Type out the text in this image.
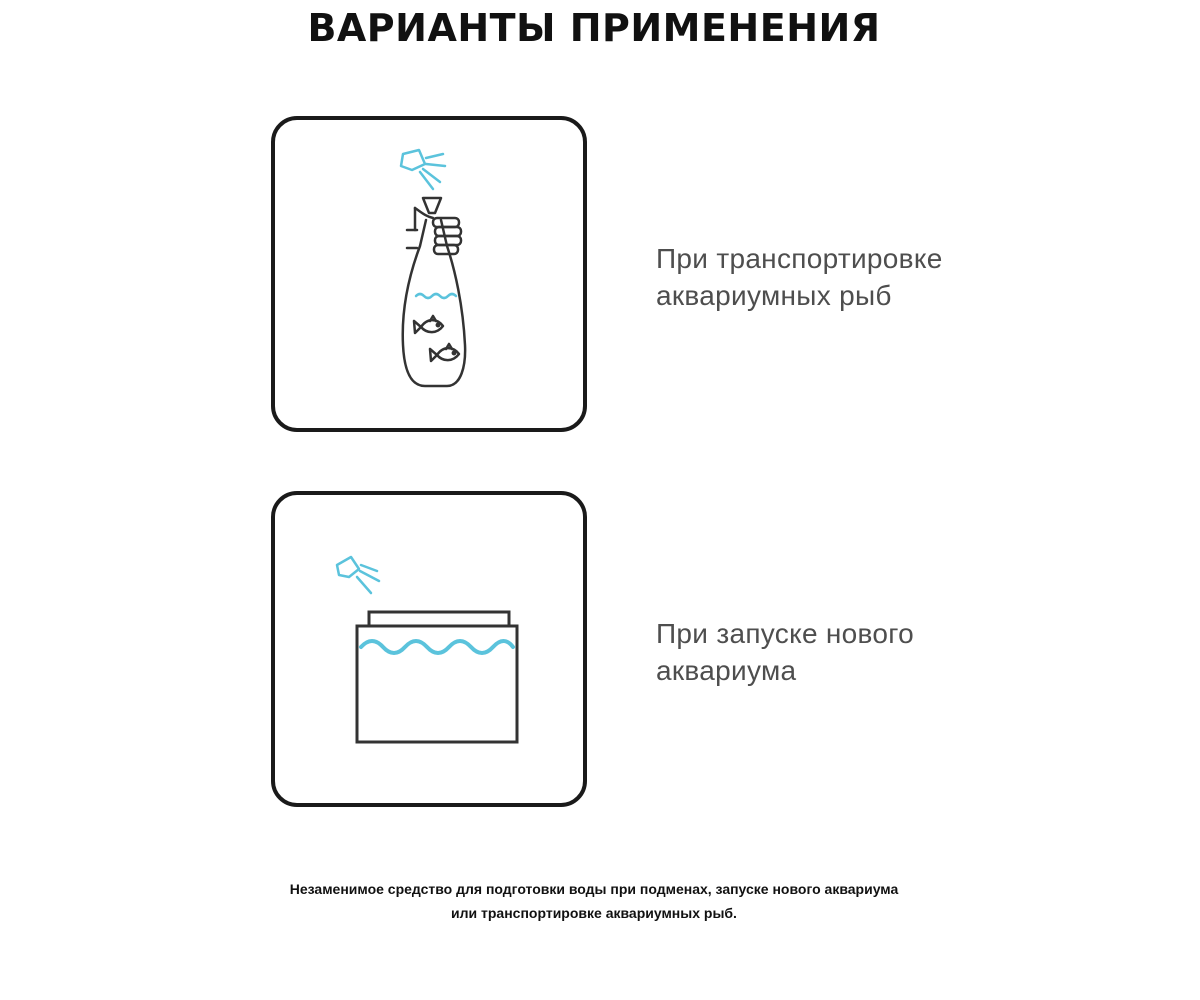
ВАРИАНТЫ ПРИМЕНЕНИЯ
При транспортировке
аквариумных рыб
При запуске нового
аквариума
Незаменимое средство для подготовки воды при подменах, запуске нового аквариума
или транспортировке аквариумных рыб.
